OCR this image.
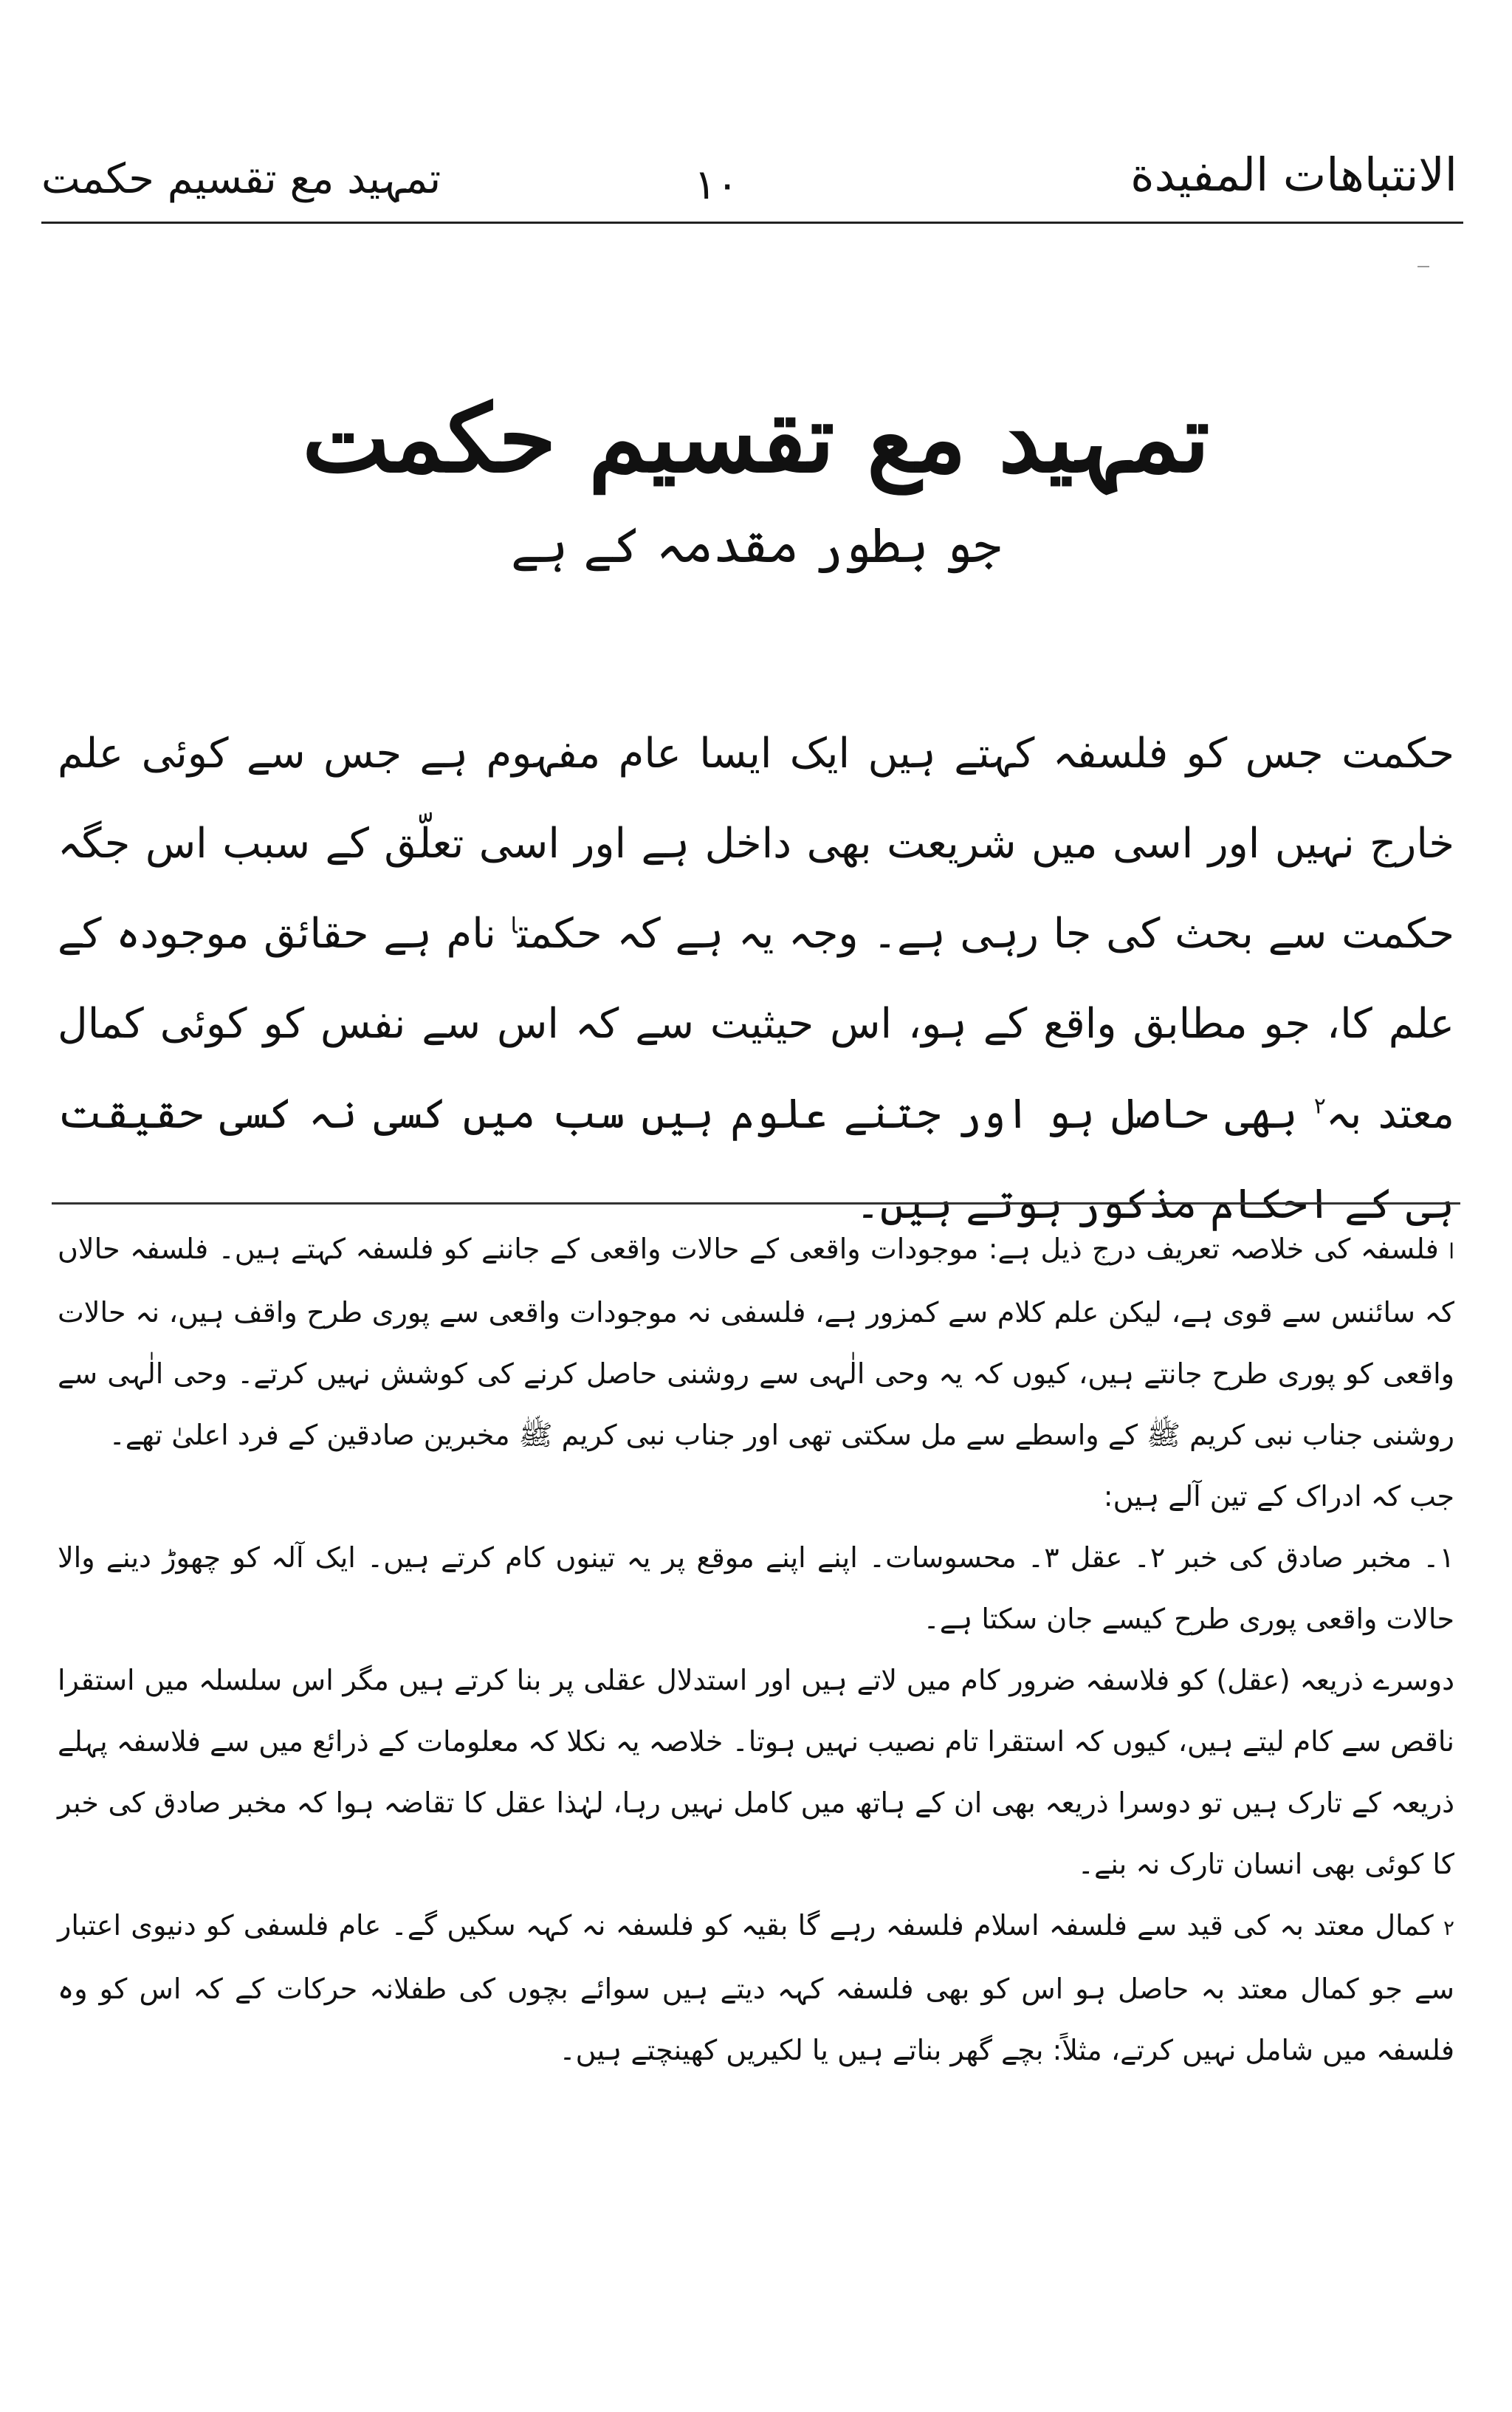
تمہید مع تقسیم حکمت	۱۰	الانتباهات المفيدة
تمہید مع تقسیم حکمت
جو بطور مقدمہ کے ہے
حکمت جس کو فلسفہ کہتے ہیں ایک ایسا عام مفہوم ہے جس سے کوئی علم خارج نہیں اور اسی میں شریعت بھی داخل ہے اور اسی تعلّق کے سبب اس جگہ حکمت سے بحث کی جا رہی ہے۔ وجہ یہ ہے کہ حکمت$^ا$ نام ہے حقائق موجودہ کے علم کا، جو مطابق واقع کے ہو، اس حیثیت سے کہ اس سے نفس کو کوئی کمال معتد بہ$^۲$ بھی حاصل ہو اور جتنے علوم ہیں سب میں کسی نہ کسی حقیقت ہی کے احکام مذکور ہوتے ہیں۔

ا فلسفہ کی خلاصہ تعریف درج ذیل ہے: موجودات واقعی کے حالات واقعی کے جاننے کو فلسفہ کہتے ہیں۔ فلسفہ حالاں کہ سائنس سے قوی ہے، لیکن علم کلام سے کمزور ہے، فلسفی نہ موجودات واقعی سے پوری طرح واقف ہیں، نہ حالات واقعی کو پوری طرح جانتے ہیں، کیوں کہ یہ وحی الٰہی سے روشنی حاصل کرنے کی کوشش نہیں کرتے۔ وحی الٰہی سے روشنی جناب نبی کریم ﷺ کے واسطے سے مل سکتی تھی اور جناب نبی کریم ﷺ مخبرین صادقین کے فرد اعلیٰ تھے۔

جب کہ ادراک کے تین آلے ہیں:

۱۔ مخبر صادق کی خبر ۲۔ عقل ۳۔ محسوسات۔ اپنے اپنے موقع پر یہ تینوں کام کرتے ہیں۔ ایک آلہ کو چھوڑ دینے والا حالات واقعی پوری طرح کیسے جان سکتا ہے۔

دوسرے ذریعہ (عقل) کو فلاسفہ ضرور کام میں لاتے ہیں اور استدلال عقلی پر بنا کرتے ہیں مگر اس سلسلہ میں استقرا ناقص سے کام لیتے ہیں، کیوں کہ استقرا تام نصیب نہیں ہوتا۔ خلاصہ یہ نکلا کہ معلومات کے ذرائع میں سے فلاسفہ پہلے ذریعہ کے تارک ہیں تو دوسرا ذریعہ بھی ان کے ہاتھ میں کامل نہیں رہا، لہٰذا عقل کا تقاضہ ہوا کہ مخبر صادق کی خبر کا کوئی بھی انسان تارک نہ بنے۔

۲ کمال معتد بہ کی قید سے فلسفہ اسلام فلسفہ رہے گا بقیہ کو فلسفہ نہ کہہ سکیں گے۔ عام فلسفی کو دنیوی اعتبار سے جو کمال معتد بہ حاصل ہو اس کو بھی فلسفہ کہہ دیتے ہیں سوائے بچوں کی طفلانہ حرکات کے کہ اس کو وہ فلسفہ میں شامل نہیں کرتے، مثلاً: بچے گھر بناتے ہیں یا لکیریں کھینچتے ہیں۔
